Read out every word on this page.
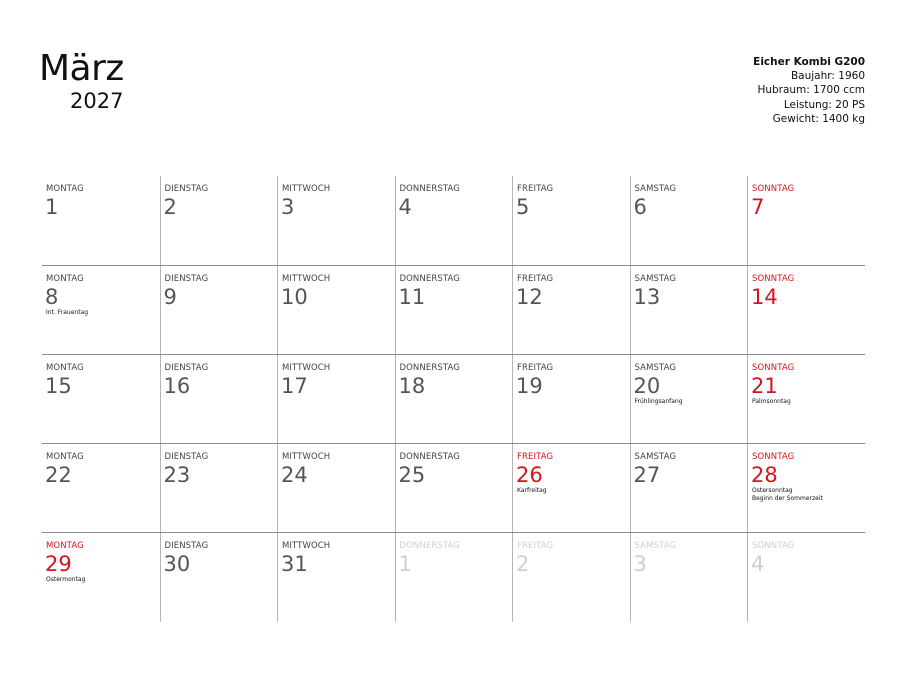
März
2027
Eicher Kombi G200
Baujahr: 1960
Hubraum: 1700 ccm
Leistung: 20 PS
Gewicht: 1400 kg
MONTAG
1
DIENSTAG
2
MITTWOCH
3
DONNERSTAG
4
FREITAG
5
SAMSTAG
6
SONNTAG
7
MONTAG
8
Int. Frauentag
DIENSTAG
9
MITTWOCH
10
DONNERSTAG
11
FREITAG
12
SAMSTAG
13
SONNTAG
14
MONTAG
15
DIENSTAG
16
MITTWOCH
17
DONNERSTAG
18
FREITAG
19
SAMSTAG
20
Frühlingsanfang
SONNTAG
21
Palmsonntag
MONTAG
22
DIENSTAG
23
MITTWOCH
24
DONNERSTAG
25
FREITAG
26
Karfreitag
SAMSTAG
27
SONNTAG
28
Ostersonntag
Beginn der Sommerzeit
MONTAG
29
Ostermontag
DIENSTAG
30
MITTWOCH
31
DONNERSTAG
1
FREITAG
2
SAMSTAG
3
SONNTAG
4
